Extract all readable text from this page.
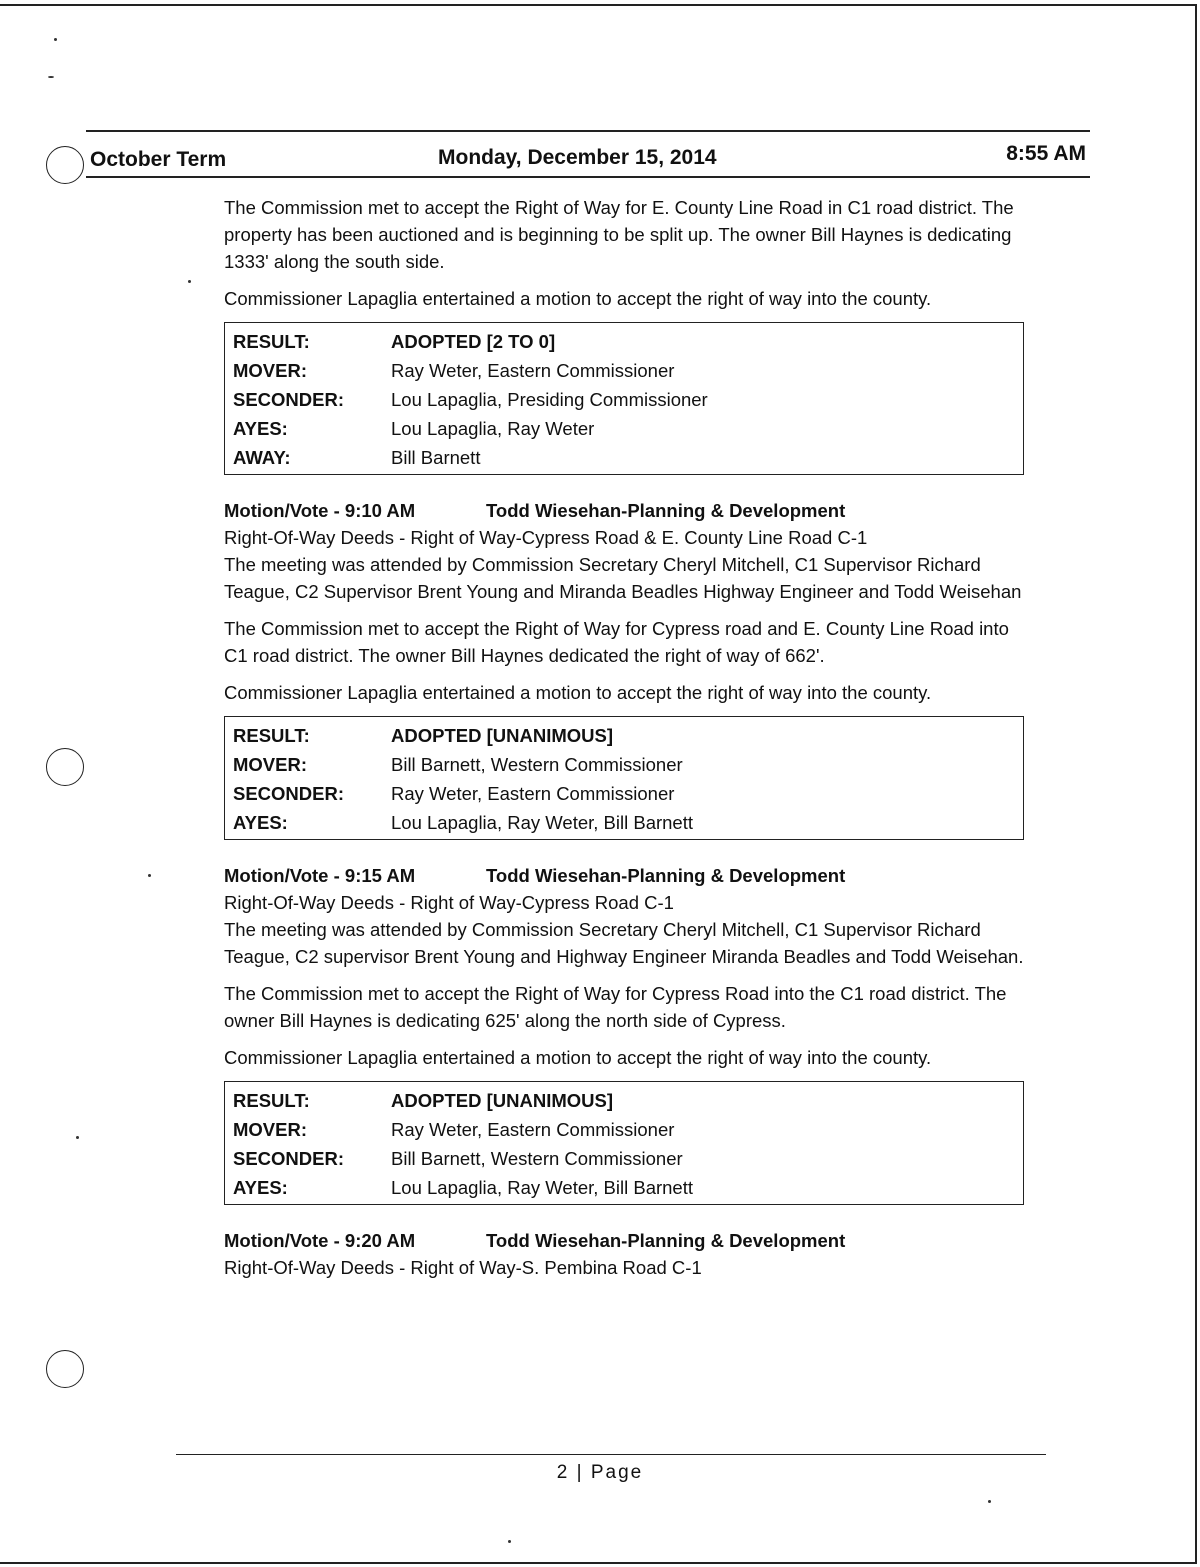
October Term	Monday, December 15, 2014	8:55 AM

The Commission met to accept the Right of Way for E. County Line Road in C1 road district. The property has been auctioned and is beginning to be split up. The owner Bill Haynes is dedicating 1333' along the south side.

Commissioner Lapaglia entertained a motion to accept the right of way into the county.

RESULT:	ADOPTED [2 TO 0]
MOVER:	Ray Weter, Eastern Commissioner
SECONDER:	Lou Lapaglia, Presiding Commissioner
AYES:	Lou Lapaglia, Ray Weter
AWAY:	Bill Barnett
Motion/Vote - 9:10 AM	Todd Wiesehan-Planning & Development
Right-Of-Way Deeds - Right of Way-Cypress Road & E. County Line Road C-1

The meeting was attended by Commission Secretary Cheryl Mitchell, C1 Supervisor Richard Teague, C2 Supervisor Brent Young and Miranda Beadles Highway Engineer and Todd Weisehan

The Commission met to accept the Right of Way for Cypress road and E. County Line Road into C1 road district. The owner Bill Haynes dedicated the right of way of 662'.

Commissioner Lapaglia entertained a motion to accept the right of way into the county.

RESULT:	ADOPTED [UNANIMOUS]
MOVER:	Bill Barnett, Western Commissioner
SECONDER:	Ray Weter, Eastern Commissioner
AYES:	Lou Lapaglia, Ray Weter, Bill Barnett
Motion/Vote - 9:15 AM	Todd Wiesehan-Planning & Development
Right-Of-Way Deeds - Right of Way-Cypress Road C-1

The meeting was attended by Commission Secretary Cheryl Mitchell, C1 Supervisor Richard Teague, C2 supervisor Brent Young and Highway Engineer Miranda Beadles and Todd Weisehan.

The Commission met to accept the Right of Way for Cypress Road into the C1 road district. The owner Bill Haynes is dedicating 625' along the north side of Cypress.

Commissioner Lapaglia entertained a motion to accept the right of way into the county.

RESULT:	ADOPTED [UNANIMOUS]
MOVER:	Ray Weter, Eastern Commissioner
SECONDER:	Bill Barnett, Western Commissioner
AYES:	Lou Lapaglia, Ray Weter, Bill Barnett
Motion/Vote - 9:20 AM	Todd Wiesehan-Planning & Development
Right-Of-Way Deeds - Right of Way-S. Pembina Road C-1
2 | Page
